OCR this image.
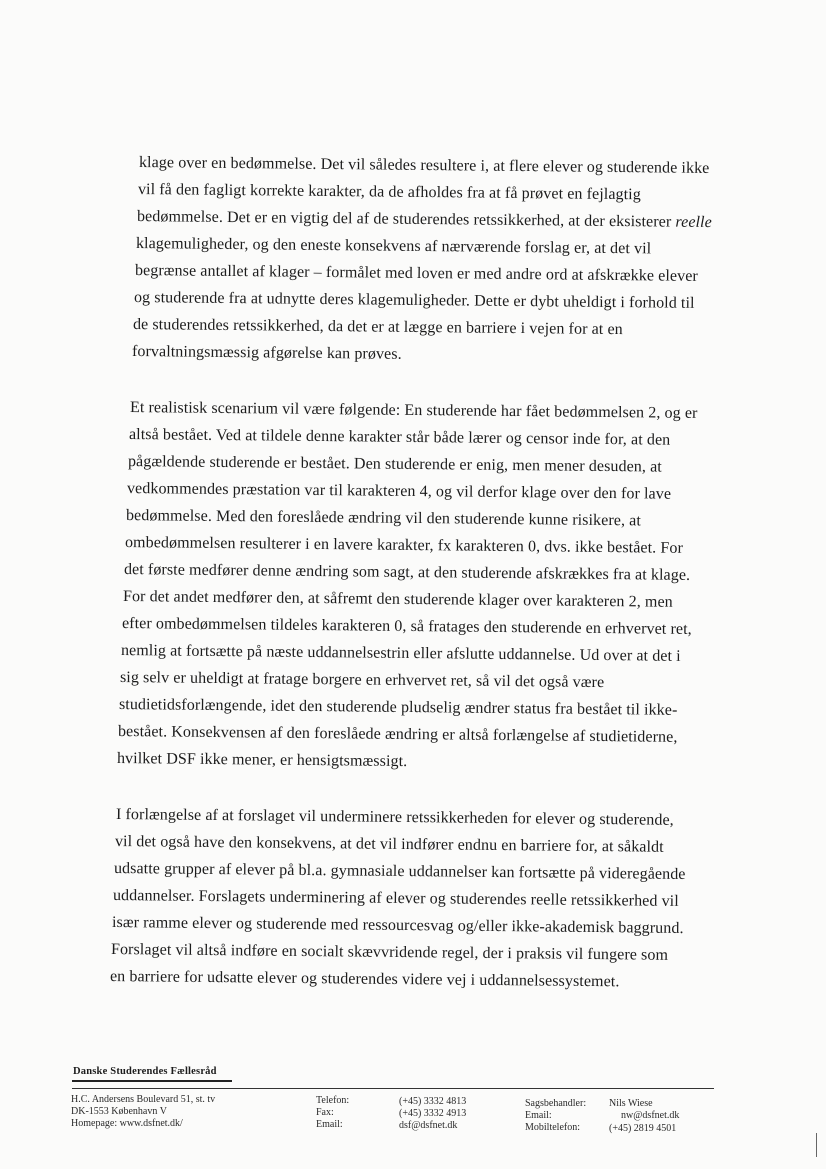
klage over en bedømmelse. Det vil således resultere i, at flere elever og studerende ikke
vil få den fagligt korrekte karakter, da de afholdes fra at få prøvet en fejlagtig
bedømmelse. Det er en vigtig del af de studerendes retssikkerhed, at der eksisterer reelle
klagemuligheder, og den eneste konsekvens af nærværende forslag er, at det vil
begrænse antallet af klager – formålet med loven er med andre ord at afskrække elever
og studerende fra at udnytte deres klagemuligheder. Dette er dybt uheldigt i forhold til
de studerendes retssikkerhed, da det er at lægge en barriere i vejen for at en
forvaltningsmæssig afgørelse kan prøves.
Et realistisk scenarium vil være følgende: En studerende har fået bedømmelsen 2, og er
altså bestået. Ved at tildele denne karakter står både lærer og censor inde for, at den
pågældende studerende er bestået. Den studerende er enig, men mener desuden, at
vedkommendes præstation var til karakteren 4, og vil derfor klage over den for lave
bedømmelse. Med den foreslåede ændring vil den studerende kunne risikere, at
ombedømmelsen resulterer i en lavere karakter, fx karakteren 0, dvs. ikke bestået. For
det første medfører denne ændring som sagt, at den studerende afskrækkes fra at klage.
For det andet medfører den, at såfremt den studerende klager over karakteren 2, men
efter ombedømmelsen tildeles karakteren 0, så fratages den studerende en erhvervet ret,
nemlig at fortsætte på næste uddannelsestrin eller afslutte uddannelse. Ud over at det i
sig selv er uheldigt at fratage borgere en erhvervet ret, så vil det også være
studietidsforlængende, idet den studerende pludselig ændrer status fra bestået til ikke-
bestået. Konsekvensen af den foreslåede ændring er altså forlængelse af studietiderne,
hvilket DSF ikke mener, er hensigtsmæssigt.
I forlængelse af at forslaget vil underminere retssikkerheden for elever og studerende,
vil det også have den konsekvens, at det vil indfører endnu en barriere for, at såkaldt
udsatte grupper af elever på bl.a. gymnasiale uddannelser kan fortsætte på videregående
uddannelser. Forslagets underminering af elever og studerendes reelle retssikkerhed vil
især ramme elever og studerende med ressourcesvag og/eller ikke-akademisk baggrund.
Forslaget vil altså indføre en socialt skævvridende regel, der i praksis vil fungere som
en barriere for udsatte elever og studerendes videre vej i uddannelsessystemet.
Danske Studerendes Fællesråd
H.C. Andersens Boulevard 51, st. tv
DK-1553 København V
Homepage: www.dsfnet.dk/
Telefon:
Fax:
Email:
(+45) 3332 4813
(+45) 3332 4913
dsf@dsfnet.dk
Sagsbehandler:
Email:
Mobiltelefon:
Nils Wiese
nw@dsfnet.dk
(+45) 2819 4501
